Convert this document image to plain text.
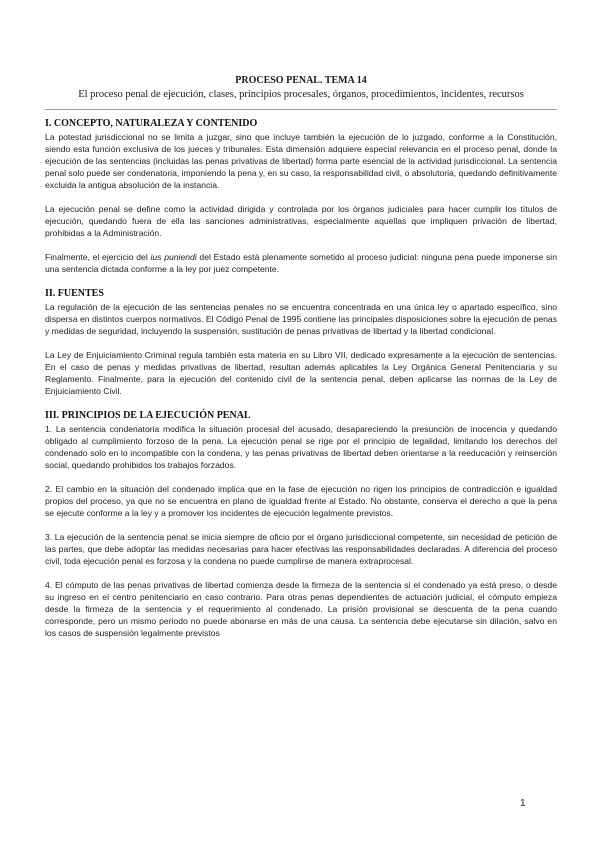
PROCESO PENAL. TEMA 14
El proceso penal de ejecución, clases, principios procesales, órganos, procedimientos, incidentes, recursos
I. CONCEPTO, NATURALEZA Y CONTENIDO

La potestad jurisdiccional no se limita a juzgar, sino que incluye también la ejecución de lo juzgado, conforme a la Constitución, siendo esta función exclusiva de los jueces y tribunales. Esta dimensión adquiere especial relevancia en el proceso penal, donde la ejecución de las sentencias (incluidas las penas privativas de libertad) forma parte esencial de la actividad jurisdiccional. La sentencia penal solo puede ser condenatoria, imponiendo la pena y, en su caso, la responsabilidad civil, o absolutoria, quedando definitivamente excluida la antigua absolución de la instancia.

La ejecución penal se define como la actividad dirigida y controlada por los órganos judiciales para hacer cumplir los títulos de ejecución, quedando fuera de ella las sanciones administrativas, especialmente aquellas que impliquen privación de libertad, prohibidas a la Administración.

Finalmente, el ejercicio del ius puniendi del Estado está plenamente sometido al proceso judicial: ninguna pena puede imponerse sin una sentencia dictada conforme a la ley por juez competente.

II. FUENTES

La regulación de la ejecución de las sentencias penales no se encuentra concentrada en una única ley o apartado específico, sino dispersa en distintos cuerpos normativos. El Código Penal de 1995 contiene las principales disposiciones sobre la ejecución de penas y medidas de seguridad, incluyendo la suspensión, sustitución de penas privativas de libertad y la libertad condicional.

La Ley de Enjuiciamiento Criminal regula también esta materia en su Libro VII, dedicado expresamente a la ejecución de sentencias. En el caso de penas y medidas privativas de libertad, resultan además aplicables la Ley Orgánica General Penitenciaria y su Reglamento. Finalmente, para la ejecución del contenido civil de la sentencia penal, deben aplicarse las normas de la Ley de Enjuiciamiento Civil.

III. PRINCIPIOS DE LA EJECUCIÓN PENAL

1. La sentencia condenatoria modifica la situación procesal del acusado, desapareciendo la presunción de inocencia y quedando obligado al cumplimiento forzoso de la pena. La ejecución penal se rige por el principio de legalidad, limitando los derechos del condenado solo en lo incompatible con la condena, y las penas privativas de libertad deben orientarse a la reeducación y reinserción social, quedando prohibidos los trabajos forzados.

2. El cambio en la situación del condenado implica que en la fase de ejecución no rigen los principios de contradicción e igualdad propios del proceso, ya que no se encuentra en plano de igualdad frente al Estado. No obstante, conserva el derecho a que la pena se ejecute conforme a la ley y a promover los incidentes de ejecución legalmente previstos.

3. La ejecución de la sentencia penal se inicia siempre de oficio por el órgano jurisdiccional competente, sin necesidad de petición de las partes, que debe adoptar las medidas necesarias para hacer efectivas las responsabilidades declaradas. A diferencia del proceso civil, toda ejecución penal es forzosa y la condena no puede cumplirse de manera extraprocesal.

4. El cómputo de las penas privativas de libertad comienza desde la firmeza de la sentencia si el condenado ya está preso, o desde su ingreso en el centro penitenciario en caso contrario. Para otras penas dependientes de actuación judicial, el cómputo empieza desde la firmeza de la sentencia y el requerimiento al condenado. La prisión provisional se descuenta de la pena cuando corresponde, pero un mismo periodo no puede abonarse en más de una causa. La sentencia debe ejecutarse sin dilación, salvo en los casos de suspensión legalmente previstos

1
